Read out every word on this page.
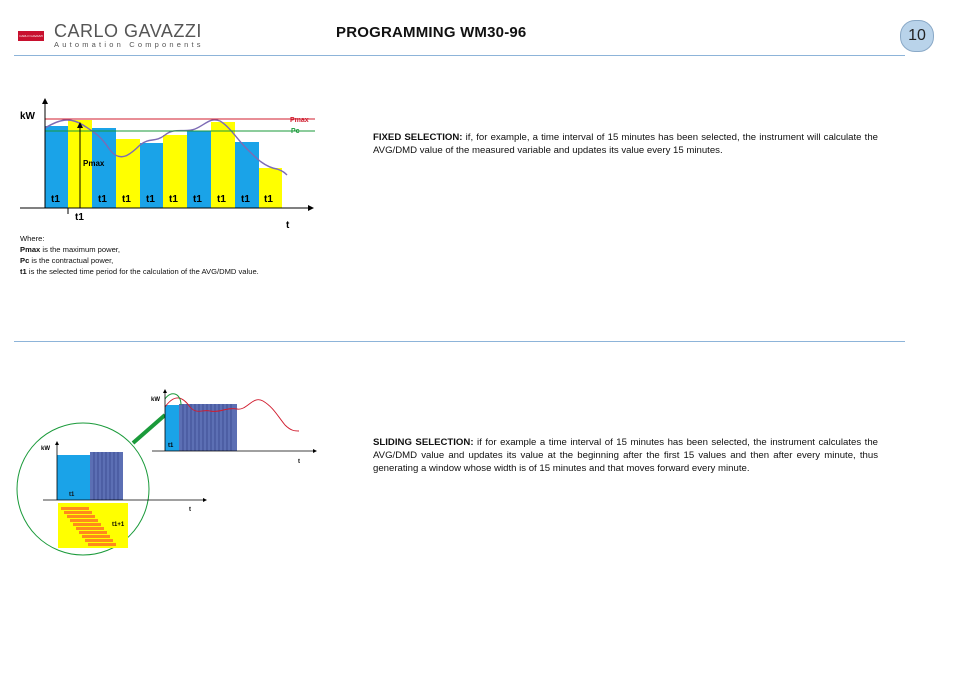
CARLO GAVAZZI CARLO GAVAZZI
Automation Components
PROGRAMMING WM30-96	10
Pmax
Pc
kW
t
Pmax
t1	t1 t1 t1 t1 t1 t1 t1 t1
t1
Where:
Pmax is the maximum power,
Pc is the contractual power,
t1 is the selected time period for the calculation of the AVG/DMD value.
FIXED SELECTION: if, for example, a time interval of 15 minutes has been selected, the instrument will calculate the AVG/DMD value of the measured variable and updates its value every 15 minutes.
kW
t
t1
t1+1
kW
t
t1	SLIDING SELECTION: if for example a time interval of 15 minutes has been selected, the instrument calculates the AVG/DMD value and updates its value at the beginning after the first 15 values and then after every minute, thus generating a window whose width is of 15 minutes and that moves forward every minute.
